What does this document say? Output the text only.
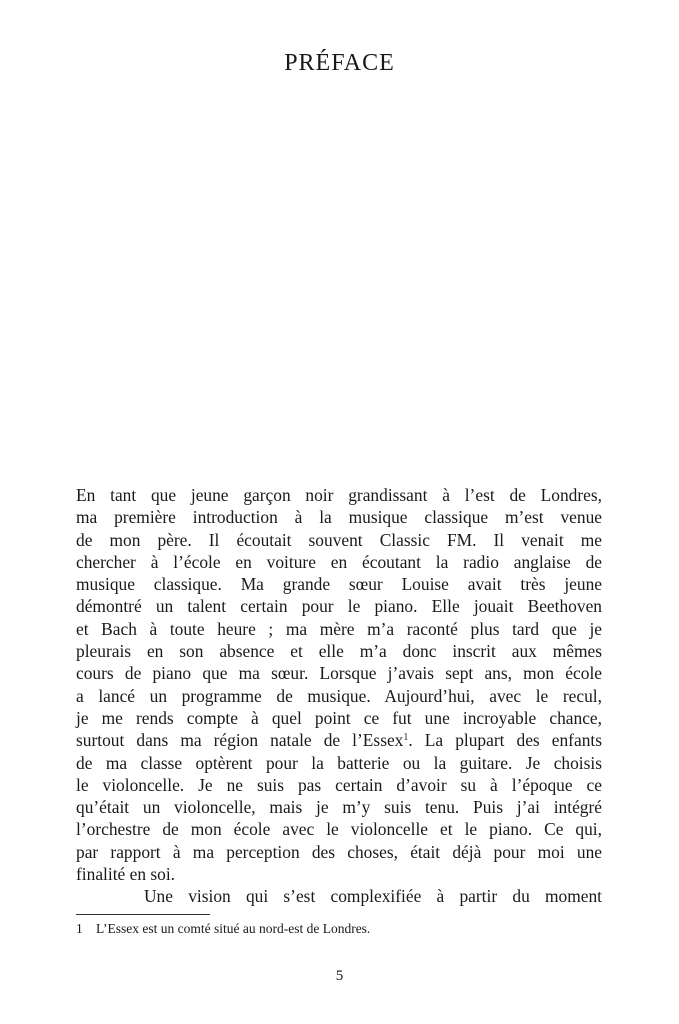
PRÉFACE
En tant que jeune garçon noir grandissant à l’est de Londres,
ma première introduction à la musique classique m’est venue
de mon père. Il écoutait souvent Classic FM. Il venait me
chercher à l’école en voiture en écoutant la radio anglaise de
musique classique. Ma grande sœur Louise avait très jeune
démontré un talent certain pour le piano. Elle jouait Beethoven
et Bach à toute heure ; ma mère m’a raconté plus tard que je
pleurais en son absence et elle m’a donc inscrit aux mêmes
cours de piano que ma sœur. Lorsque j’avais sept ans, mon école
a lancé un programme de musique. Aujourd’hui, avec le recul,
je me rends compte à quel point ce fut une incroyable chance,
surtout dans ma région natale de l’Essex$^1$. La plupart des enfants
de ma classe optèrent pour la batterie ou la guitare. Je choisis
le violoncelle. Je ne suis pas certain d’avoir su à l’époque ce
qu’était un violoncelle, mais je m’y suis tenu. Puis j’ai intégré
l’orchestre de mon école avec le violoncelle et le piano. Ce qui,
par rapport à ma perception des choses, était déjà pour moi une
finalité en soi.
Une vision qui s’est complexifiée à partir du moment
1 L’Essex est un comté situé au nord-est de Londres.
5
